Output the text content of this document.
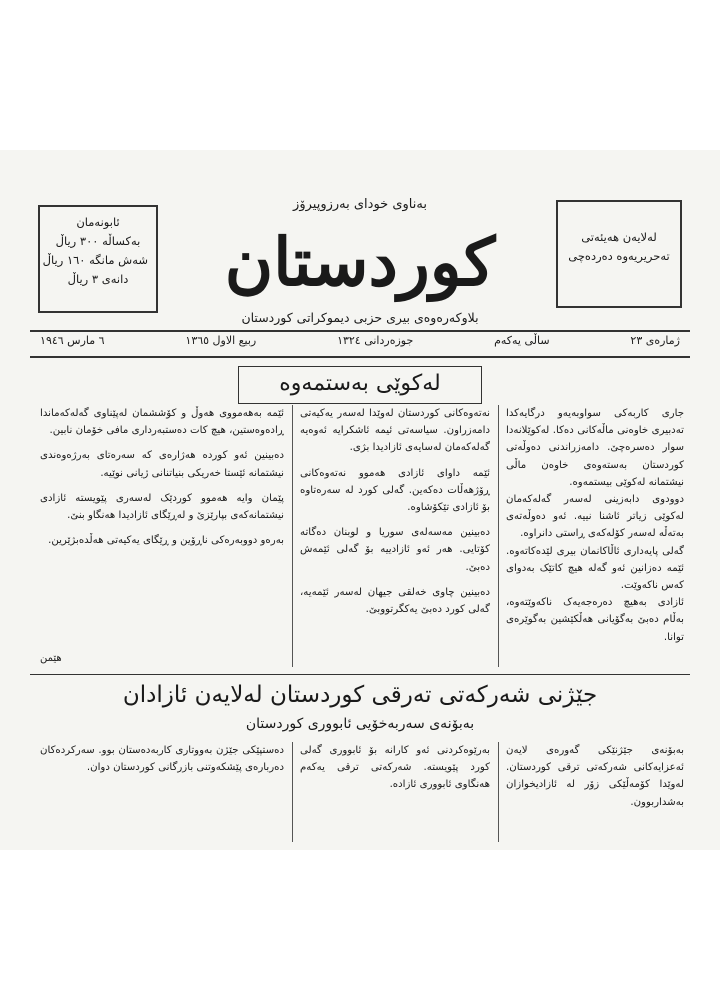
بەناوی خودای بەرزوپیرۆز
ئابونەمان
بەکساڵە ٣٠٠ ریاڵ
شەش مانگە ١٦٠ ریاڵ
دانەی ٣ ریاڵ
لەلایەن هەیئەتی
تەحریریەوە دەردەچی
کوردستان
بلاوکەرەوەی بیری حزبی دیموکراتی کوردستان
ژمارەی ٢٣
ساڵی یەکەم
جوزەردانی ١٣٢٤
ربیع الاول ١٣٦٥
٦ مارس ١٩٤٦
لەکوێی بەستمەوە

جاری کاربەکی سواوبەیەو درگایەکدا تەدبیری خاوەنی ماڵەکانی دەکا. لەکوێلانەدا سوار دەسرەچێ. دامەزراندنی دەوڵەتی کوردستان بەستەوەی خاوەن ماڵی نیشتمانە لەکوێی بیستمەوە.

دوودوی دابەزینی لەسەر گەلەکەمان لەکوێی زیاتر ئاشنا نییە. ئەو دەوڵەتەی بەتەڵە لەسەر کۆلەکەی ڕاستی دانراوە.

گەلی پایەداری ئاڵاکانمان بیری لێدەکاتەوە. ئێمە دەزانین ئەو گەلە هیچ کاتێک بەدوای کەس ناکەوێت.

ئازادی بەهیچ دەرەجەیەک ناکەوێتەوە، بەڵام دەبێ بەگۆیانی هەڵکێشین بەگوێرەی توانا.

نەتەوەکانی کوردستان لەوێدا لەسەر یەکیەتی دامەزراون. سیاسەتی ئیمە ئاشکرایە ئەوەیە گەلەکەمان لەسایەی ئازادیدا بژی.

ئێمە داوای ئازادی هەموو نەتەوەکانی ڕۆژهەڵات دەکەین. گەلی کورد لە سەرەتاوە بۆ ئازادی تێکۆشاوە.

دەبینین مەسەلەی سوریا و لوبنان دەگاتە کۆتایی. هەر ئەو ئازادییە بۆ گەلی ئێمەش دەبێ.

دەبینین چاوی خەلقی جیهان لەسەر ئێمەیە، گەلی کورد دەبێ یەکگرتووبێ.

ئێمە بەهەمووی هەوڵ و کۆششمان لەپێناوی گەلەکەماندا ڕادەوەستین، هیچ کات دەستبەرداری مافی خۆمان نابین.

دەبینین ئەو کوردە هەژارەی کە سەرەتای بەرژەوەندی نیشتمانە ئێستا خەریکی بنیاتنانی ژیانی نوێیە.

پێمان وایە هەموو کوردێک لەسەری پێویستە ئازادی نیشتمانەکەی بپارێزێ و لەڕێگای ئازادیدا هەنگاو بنێ.

بەرەو دووبەرەکی ناڕۆین و ڕێگای یەکیەتی هەڵدەبژێرین.

هێمن
جێژنی شەرکەتی تەرقی کوردستان لەلایەن ئازادان
بەبۆنەی سەربەخۆیی ئابووری کوردستان

بەبۆنەی جێژنێکی گەورەی لایەن ئەعزایەکانی شەرکەتی ترقی کوردستان. لەوێدا کۆمەڵێکی زۆر لە ئازادیخوازان بەشداربوون.

بەرێوەکردنی ئەو کارانە بۆ ئابووری گەلی کورد پێویستە. شەرکەتی ترقی یەکەم هەنگاوی ئابووری ئازادە.

دەستپێکی جێژن بەووتاری کاربەدەستان بوو. سەرکردەکان دەربارەی پێشکەوتنی بازرگانی کوردستان دوان.
